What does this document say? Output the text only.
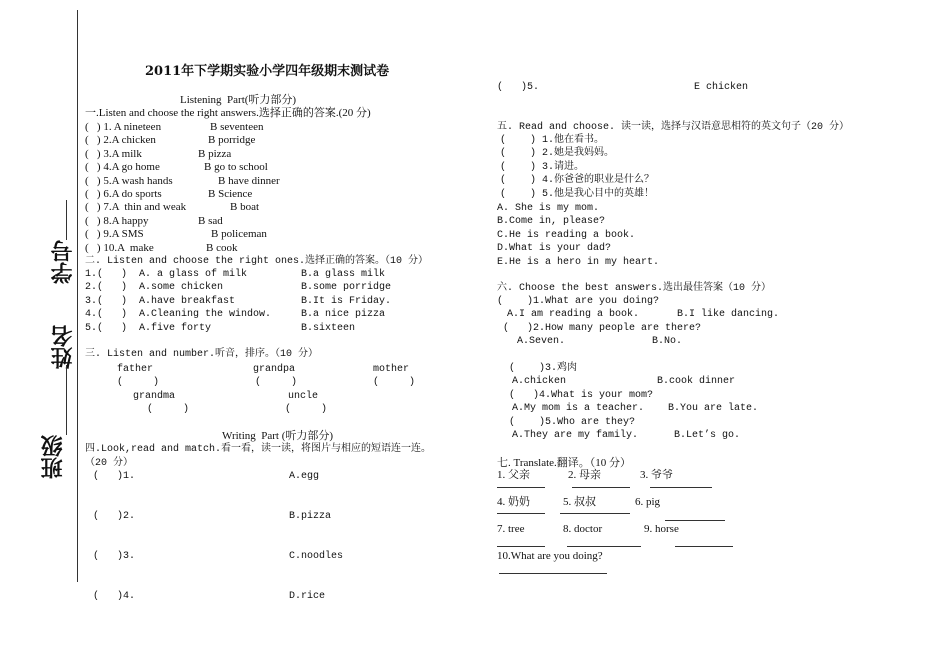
班级
姓名
学号
2011年下学期实验小学四年级期末测试卷
Listening  Part(听力部分)
一.Listen and choose the right answers.选择正确的答案.(20 分)
(   ) 1. A nineteen	B seventeen
(   ) 2.A chicken	B porridge
(   ) 3.A milk	B pizza
(   ) 4.A go home	B go to school
(   ) 5.A wash hands	B have dinner
(   ) 6.A do sports	B Science
(   ) 7.A  thin and weak	B boat
(   ) 8.A happy	B sad
(   ) 9.A SMS	B policeman
(   ) 10.A  make	B cook
二. Listen and choose the right ones.选择正确的答案。（10 分）
1.(   )  A. a glass of milk	B.a glass milk
2.(   )  A.some chicken	B.some porridge
3.(   )  A.have breakfast	B.It is Friday.
4.(   )  A.Cleaning the window.	B.a nice pizza
5.(   )  A.five forty	B.sixteen
三. Listen and number.听音，排序。（10 分）
father	grandpa	mother
(     )	(     )	(     )
grandma	uncle
(     )	(     )
Writing  Part (听力部分)
四.Look,read and match.看一看，读一读，将图片与相应的短语连一连。
（20 分）
(   )1.	A.egg
(   )2.	B.pizza
(   )3.	C.noodles
(   )4.	D.rice
(   )5.	E chicken
五. Read and choose. 读一读，选择与汉语意思相符的英文句子（20 分）
(    ) 1.他在看书。
(    ) 2.她是我妈妈。
(    ) 3.请进。
(    ) 4.你爸爸的职业是什么？
(    ) 5.他是我心目中的英雄！
A. She is my mom.
B.Come in, please?
C.He is reading a book.
D.What is your dad?
E.He is a hero in my heart.
六. Choose the best answers.选出最佳答案（10 分）
(    )1.What are you doing?
A.I am reading a book.	B.I like dancing.
(   )2.How many people are there?
A.Seven.	B.No.
(    )3.鸡肉
A.chicken	B.cook dinner
(   )4.What is your mom?
A.My mom is a teacher. B.You are late.
(    )5.Who are they?
A.They are my family.	B.Let’s go.
七. Translate.翻译。（10 分）
1. 父亲	2. 母亲	3. 爷爷
4. 奶奶	5. 叔叔	6. pig
7. tree	8. doctor	9. horse
10.What are you doing?
